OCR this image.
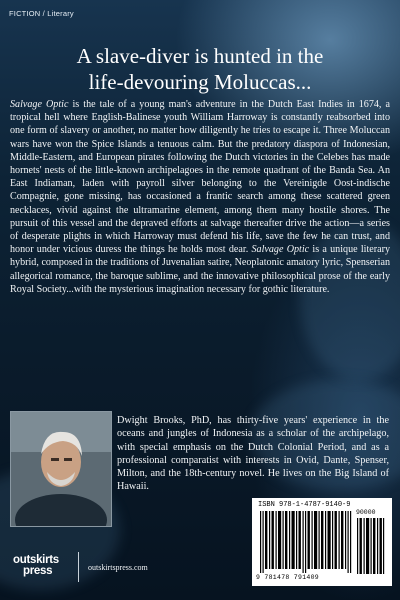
FICTION / Literary
A slave-diver is hunted in the
life-devouring Moluccas...

Salvage Optic is the tale of a young man's adventure in the Dutch East Indies in 1674, a tropical hell where English-Balinese youth William Harroway is constantly reabsorbed into one form of slavery or another, no matter how diligently he tries to escape it. Three Moluccan wars have won the Spice Islands a tenuous calm. But the predatory diaspora of Indonesian, Middle-Eastern, and European pirates following the Dutch victories in the Celebes has made hornets' nests of the little-known archipelagoes in the remote quadrant of the Banda Sea. An East Indiaman, laden with payroll silver belonging to the Vereinigde Oost-indische Compagnie, gone missing, has occasioned a frantic search among these scattered green necklaces, vivid against the ultramarine element, among them many hostile shores. The pursuit of this vessel and the depraved efforts at salvage thereafter drive the action—a series of desperate plights in which Harroway must defend his life, save the few he can trust, and honor under vicious duress the things he holds most dear. Salvage Optic is a unique literary hybrid, composed in the traditions of Juvenalian satire, Neoplatonic amatory lyric, Spenserian allegorical romance, the baroque sublime, and the innovative philosophical prose of the early Royal Society...with the mysterious imagination necessary for gothic literature.

Dwight Brooks, PhD, has thirty-five years' experience in the oceans and jungles of Indonesia as a scholar of the archipelago, with special emphasis on the Dutch Colonial Period, and as a professional comparatist with interests in Ovid, Dante, Spenser, Milton, and the 18th-century novel. He lives on the Big Island of Hawaii.

ISBN 978-1-4787-9140-9
9 781478 791409
90000
outskirts
press	outskirtspress.com
